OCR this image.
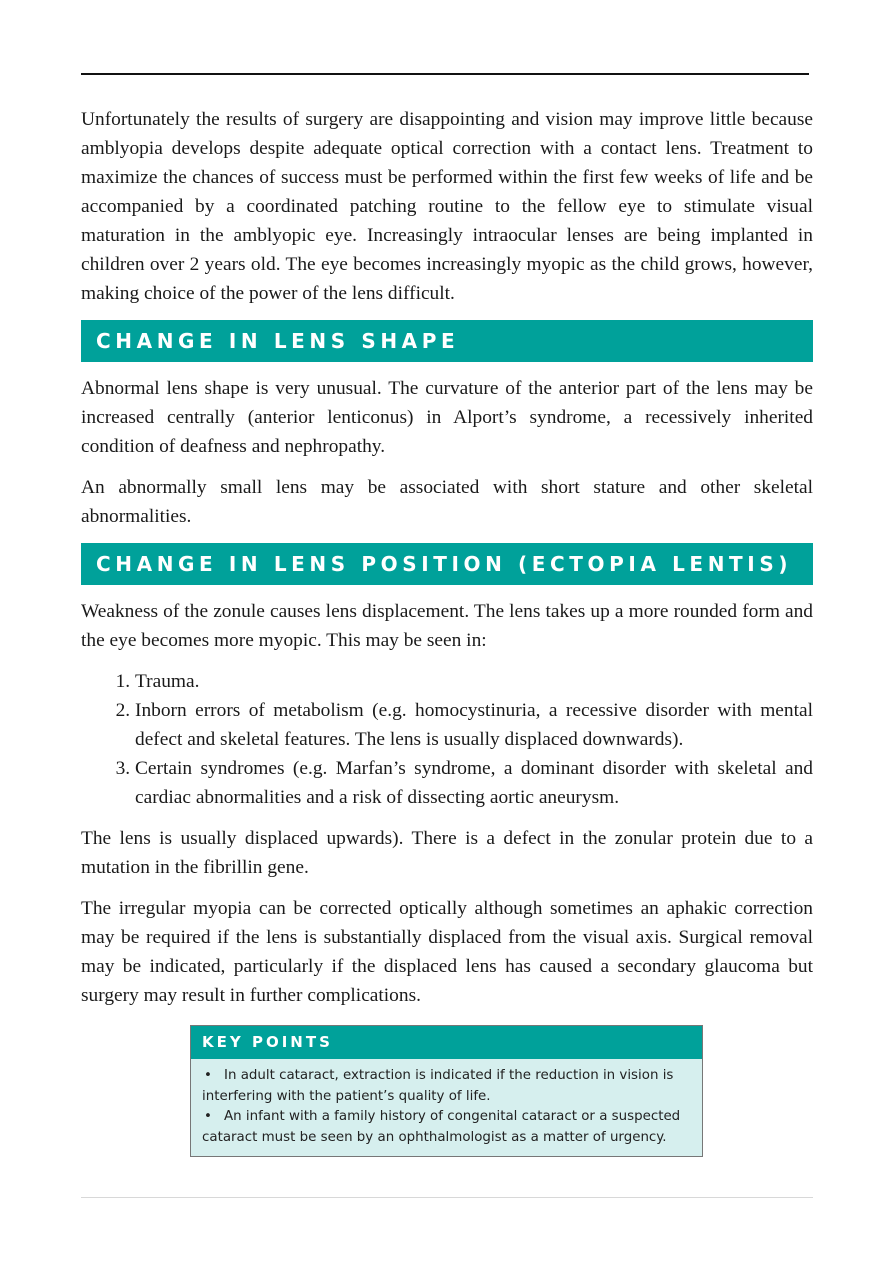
Unfortunately the results of surgery are disappointing and vision may improve little because amblyopia develops despite adequate optical correction with a contact lens. Treatment to maximize the chances of success must be performed within the first few weeks of life and be accompanied by a coordinated patching routine to the fellow eye to stimulate visual maturation in the amblyopic eye. Increasingly intraocular lenses are being implanted in children over 2 years old. The eye becomes increasingly myopic as the child grows, however, making choice of the power of the lens difficult.

CHANGE IN LENS SHAPE

Abnormal lens shape is very unusual. The curvature of the anterior part of the lens may be increased centrally (anterior lenticonus) in Alport’s syndrome, a recessively inherited condition of deafness and nephropathy.

An abnormally small lens may be associated with short stature and other skeletal abnormalities.

CHANGE IN LENS POSITION (ECTOPIA LENTIS)

Weakness of the zonule causes lens displacement. The lens takes up a more rounded form and the eye becomes more myopic. This may be seen in:

1. Trauma.
2. Inborn errors of metabolism (e.g. homocystinuria, a recessive disorder with mental defect and skeletal features. The lens is usually displaced downwards).
3. Certain syndromes (e.g. Marfan’s syndrome, a dominant disorder with skeletal and cardiac abnormalities and a risk of dissecting aortic aneurysm.

The lens is usually displaced upwards). There is a defect in the zonular protein due to a mutation in the fibrillin gene.

The irregular myopia can be corrected optically although sometimes an aphakic correction may be required if the lens is substantially displaced from the visual axis. Surgical removal may be indicated, particularly if the displaced lens has caused a secondary glaucoma but surgery may result in further complications.

KEY POINTS

• In adult cataract, extraction is indicated if the reduction in vision is interfering with the patient’s quality of life.

• An infant with a family history of congenital cataract or a suspected cataract must be seen by an ophthalmologist as a matter of urgency.
